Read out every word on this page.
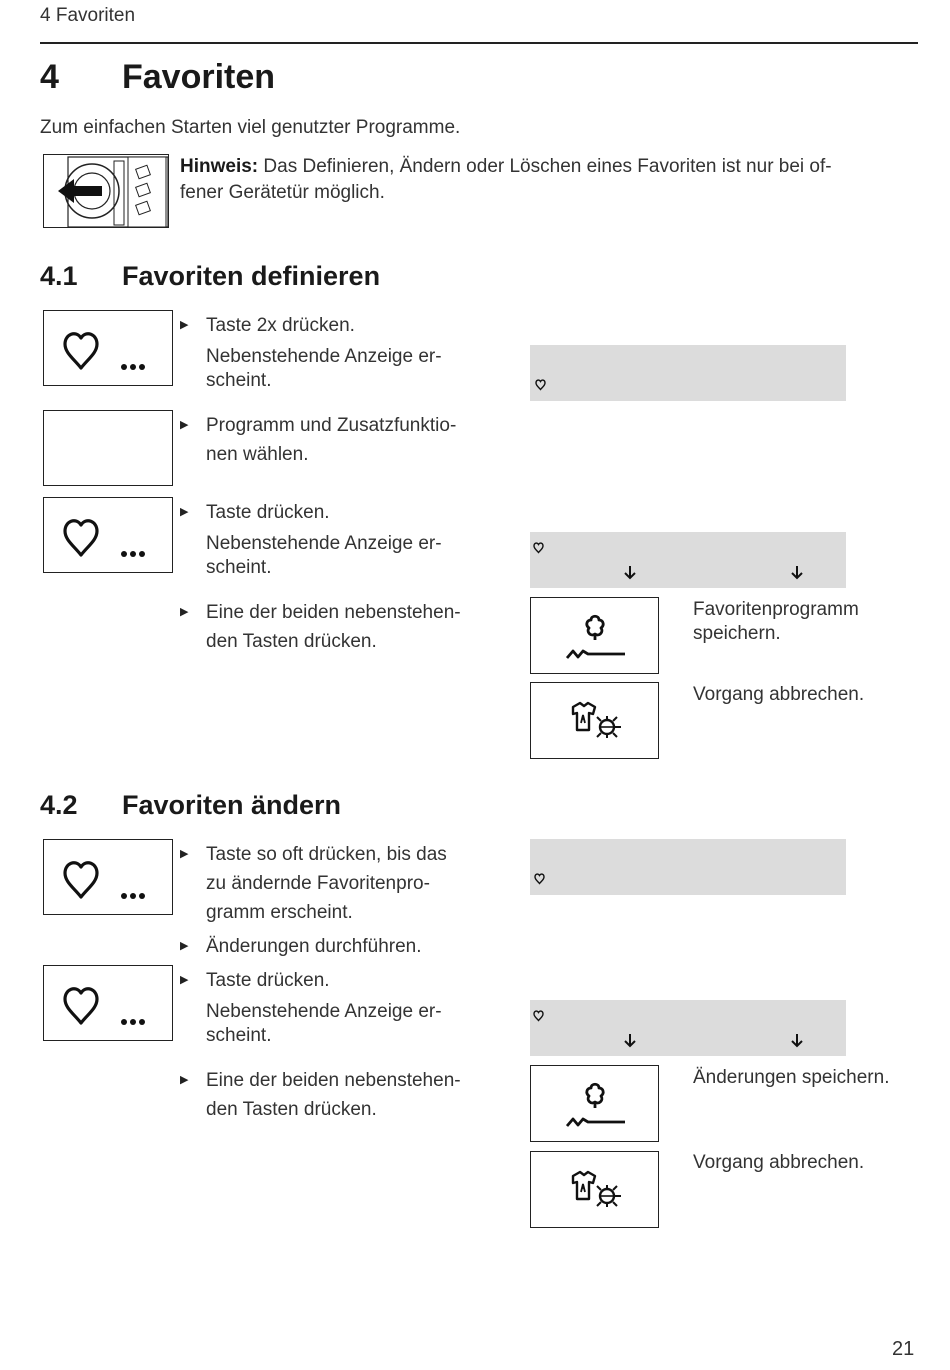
4 Favoriten
4 Favoriten
Zum einfachen Starten viel genutzter Programme.
Hinweis: Das Definieren, Ändern oder Löschen eines Favoriten ist nur bei of-
fener Gerätetür möglich.
4.1 Favoriten definieren
▶ Taste 2x drücken.
Nebenstehende Anzeige er-
scheint.
▶ Programm und Zusatzfunktio-
nen wählen.
▶ Taste drücken.
Nebenstehende Anzeige er-
scheint.
▶ Eine der beiden nebenstehen-
den Tasten drücken.
Favoritenprogramm
speichern.
Vorgang abbrechen.
4.2 Favoriten ändern
▶ Taste so oft drücken, bis das
zu ändernde Favoritenpro-
gramm erscheint.
▶ Änderungen durchführen.
▶ Taste drücken.
Nebenstehende Anzeige er-
scheint.
▶ Eine der beiden nebenstehen-
den Tasten drücken.
Änderungen speichern.
Vorgang abbrechen.
21
